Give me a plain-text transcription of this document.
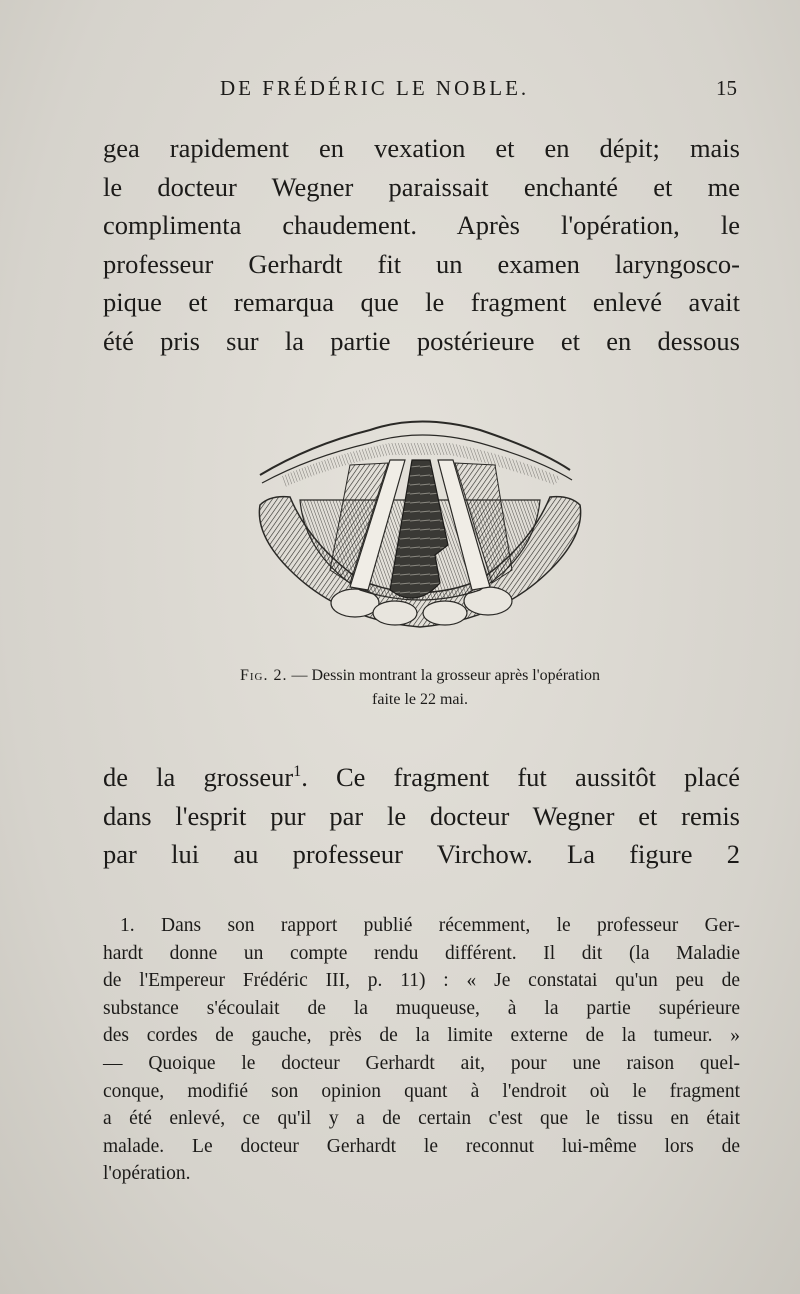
DE FRÉDÉRIC LE NOBLE.	15
gea rapidement en vexation et en dépit; mais
le docteur Wegner paraissait enchanté et me
complimenta chaudement. Après l'opération, le
professeur Gerhardt fit un examen laryngosco-
pique et remarqua que le fragment enlevé avait
été pris sur la partie postérieure et en dessous
Fig. 2. — Dessin montrant la grosseur après l'opération
faite le 22 mai.
de la grosseur$^1$. Ce fragment fut aussitôt placé
dans l'esprit pur par le docteur Wegner et remis
par lui au professeur Virchow. La figure 2
1. Dans son rapport publié récemment, le professeur Ger-
hardt donne un compte rendu différent. Il dit (la Maladie
de l'Empereur Frédéric III, p. 11) : « Je constatai qu'un peu de
substance s'écoulait de la muqueuse, à la partie supérieure
des cordes de gauche, près de la limite externe de la tumeur. »
— Quoique le docteur Gerhardt ait, pour une raison quel-
conque, modifié son opinion quant à l'endroit où le fragment
a été enlevé, ce qu'il y a de certain c'est que le tissu en était
malade. Le docteur Gerhardt le reconnut lui-même lors de
l'opération.
